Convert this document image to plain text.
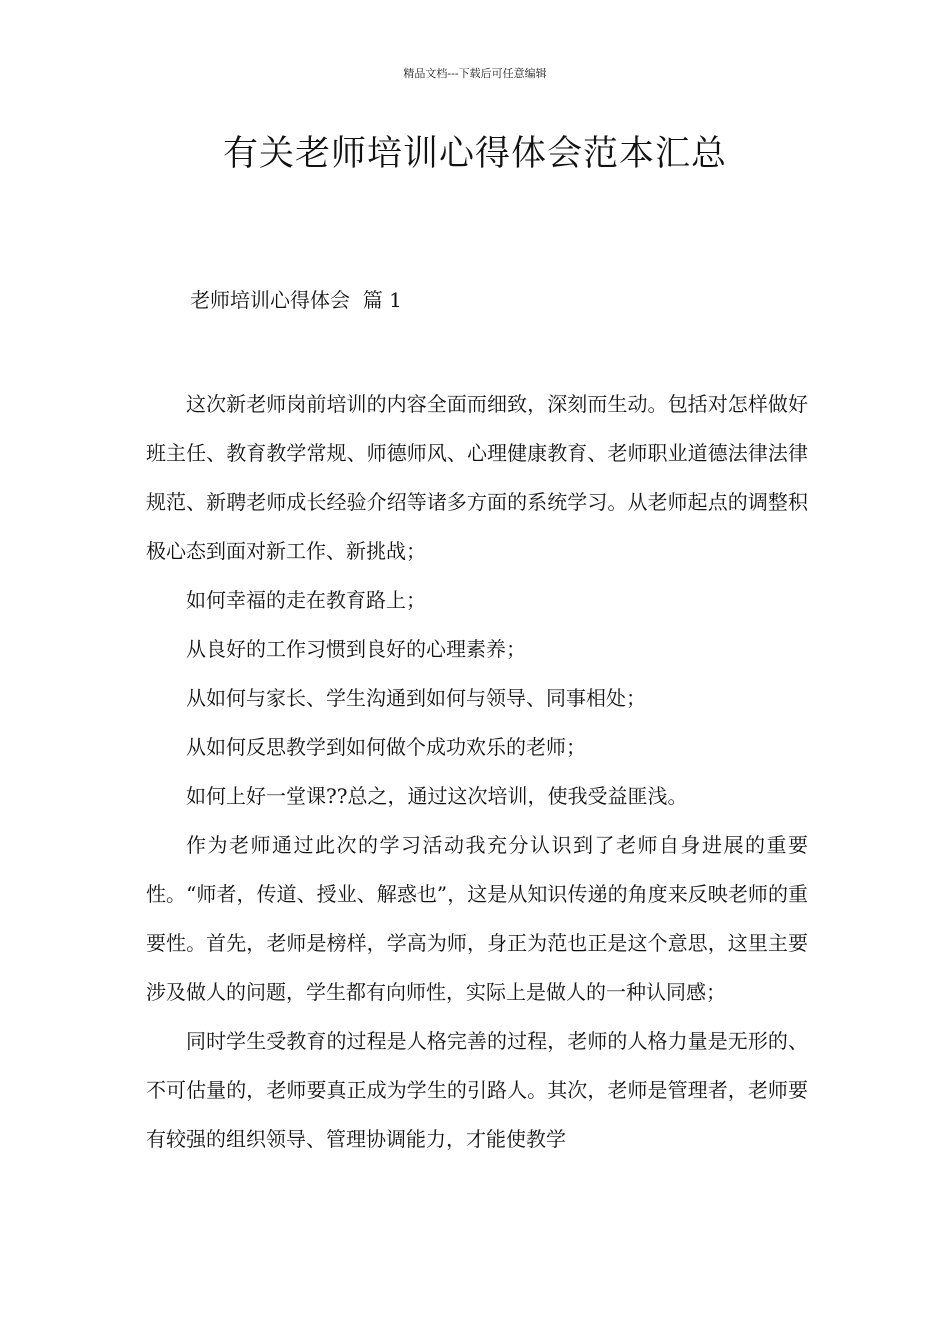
精品文档---下载后可任意编辑
有关老师培训心得体会范本汇总
老师培训心得体会  篇 1

这次新老师岗前培训的内容全面而细致，深刻而生动。包括对怎样做好班主任、教育教学常规、师德师风、心理健康教育、老师职业道德法律法律规范、新聘老师成长经验介绍等诸多方面的系统学习。从老师起点的调整积极心态到面对新工作、新挑战；

如何幸福的走在教育路上；

从良好的工作习惯到良好的心理素养；

从如何与家长、学生沟通到如何与领导、同事相处；

从如何反思教学到如何做个成功欢乐的老师；

如何上好一堂课??总之，通过这次培训，使我受益匪浅。

作为老师通过此次的学习活动我充分认识到了老师自身进展的重要性。“师者，传道、授业、解惑也”，这是从知识传递的角度来反映老师的重要性。首先，老师是榜样，学高为师，身正为范也正是这个意思，这里主要涉及做人的问题，学生都有向师性，实际上是做人的一种认同感；

同时学生受教育的过程是人格完善的过程，老师的人格力量是无形的、不可估量的，老师要真正成为学生的引路人。其次，老师是管理者，老师要有较强的组织领导、管理协调能力，才能使教学
